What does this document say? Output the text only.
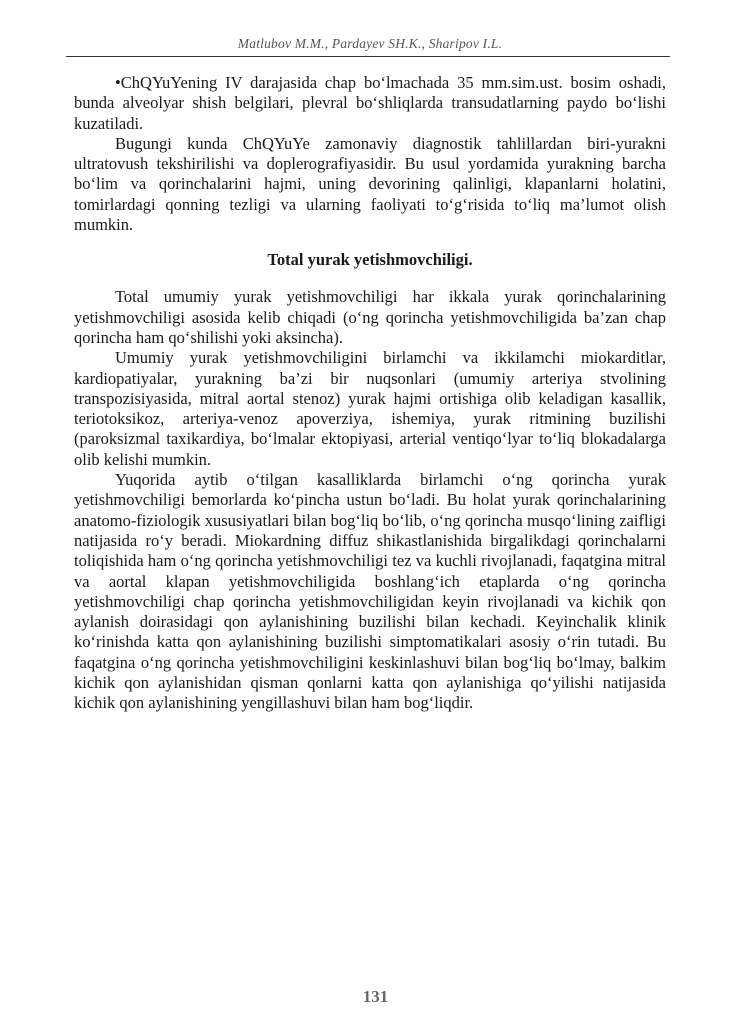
Matlubov M.M., Pardayev SH.K., Sharipov I.L.

•ChQYuYening IV darajasida chap bo‘lmachada 35 mm.sim.ust. bosim oshadi, bunda alveolyar shish belgilari, plevral bo‘shliqlarda transudatlarning paydo bo‘lishi kuzatiladi.

Bugungi kunda ChQYuYe zamonaviy diagnostik tahlillardan biri-yurakni ultratovush tekshirilishi va doplerografiyasidir. Bu usul yordamida yurakning barcha bo‘lim va qorinchalarini hajmi, uning devorining qalinligi, klapanlarni holatini, tomirlardagi qonning tezligi va ularning faoliyati to‘g‘risida to‘liq ma’lumot olish mumkin.

Total yurak yetishmovchiligi.

Total umumiy yurak yetishmovchiligi har ikkala yurak qorinchalarining yetishmovchiligi asosida kelib chiqadi (o‘ng qorincha yetishmovchiligida ba’zan chap qorincha ham qo‘shilishi yoki aksincha).

Umumiy yurak yetishmovchiligini birlamchi va ikkilamchi miokarditlar, kardiopatiyalar, yurakning ba’zi bir nuqsonlari (umumiy arteriya stvolining transpozisiyasida, mitral aortal stenoz) yurak hajmi ortishiga olib keladigan kasallik, teriotoksikoz, arteriya-venoz apoverziya, ishemiya, yurak ritmining buzilishi (paroksizmal taxikardiya, bo‘lmalar ektopiyasi, arterial ventiqo‘lyar to‘liq blokadalarga olib kelishi mumkin.

Yuqorida aytib o‘tilgan kasalliklarda birlamchi o‘ng qorincha yurak yetishmovchiligi bemorlarda ko‘pincha ustun bo‘ladi. Bu holat yurak qorinchalarining anatomo-fiziologik xususiyatlari bilan bog‘liq bo‘lib, o‘ng qorincha musqo‘lining zaifligi natijasida ro‘y beradi. Miokardning diffuz shikastlanishida birgalikdagi qorinchalarni toliqishida ham o‘ng qorincha yetishmovchiligi tez va kuchli rivojlanadi, faqatgina mitral va aortal klapan yetishmovchiligida boshlang‘ich etaplarda o‘ng qorincha yetishmovchiligi chap qorincha yetishmovchiligidan keyin rivojlanadi va kichik qon aylanish doirasidagi qon aylanishining buzilishi bilan kechadi. Keyinchalik klinik ko‘rinishda katta qon aylanishining buzilishi simptomatikalari asosiy o‘rin tutadi. Bu faqatgina o‘ng qorincha yetishmovchiligini keskinlashuvi bilan bog‘liq bo‘lmay, balkim kichik qon aylanishidan qisman qonlarni katta qon aylanishiga qo‘yilishi natijasida kichik qon aylanishining yengillashuvi bilan ham bog‘liqdir.

131
